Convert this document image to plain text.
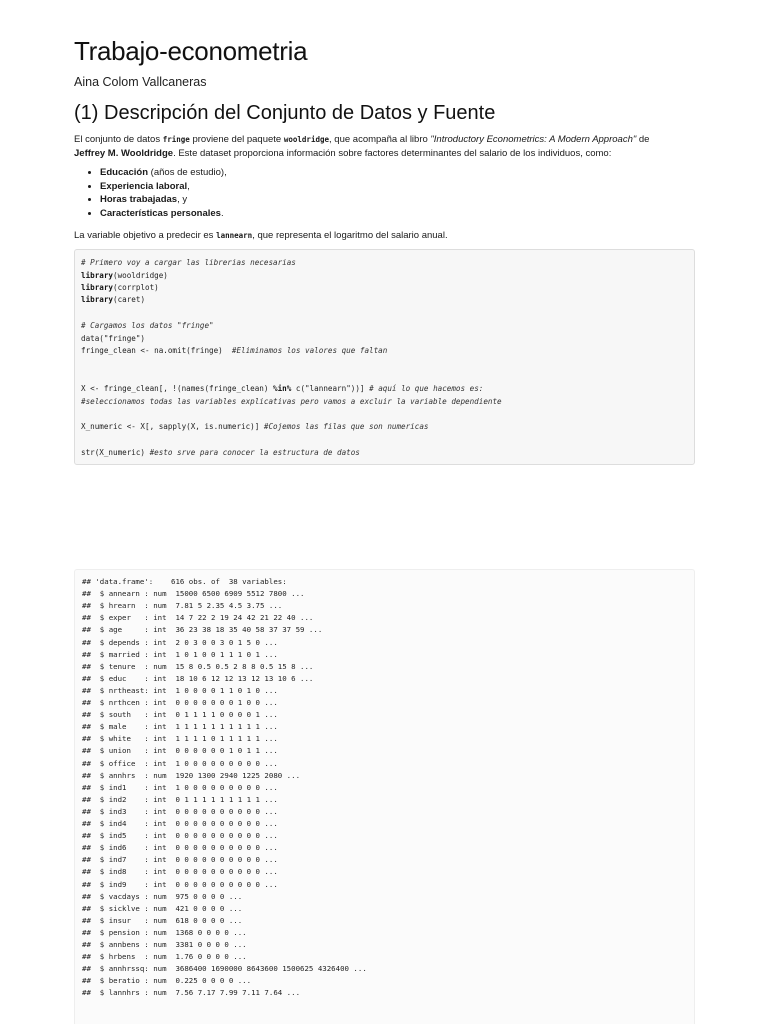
Trabajo-econometria

Aina Colom Vallcaneras

(1) Descripción del Conjunto de Datos y Fuente

El conjunto de datos fringe proviene del paquete wooldridge, que acompaña al libro "Introductory Econometrics: A Modern Approach" de
Jeffrey M. Wooldridge. Este dataset proporciona información sobre factores determinantes del salario de los individuos, como:

• Educación (años de estudio),
• Experiencia laboral,
• Horas trabajadas, y
• Características personales.

La variable objetivo a predecir es lannearn, que representa el logaritmo del salario anual.

# Primero voy a cargar las librerias necesarias
library(wooldridge)
library(corrplot)
library(caret)
# Cargamos los datos "fringe"
data("fringe")
fringe_clean <- na.omit(fringe)  #Eliminamos los valores que faltan
X <- fringe_clean[, !(names(fringe_clean) %in% c("lannearn"))] # aquí lo que hacemos es:
#seleccionamos todas las variables explicativas pero vamos a excluir la variable dependiente
X_numeric <- X[, sapply(X, is.numeric)] #Cojemos las filas que son numericas
str(X_numeric) #esto srve para conocer la estructura de datos
## 'data.frame':    616 obs. of  38 variables:
##  $ annearn : num  15000 6500 6909 5512 7800 ...
##  $ hrearn  : num  7.81 5 2.35 4.5 3.75 ...
##  $ exper   : int  14 7 22 2 19 24 42 21 22 40 ...
##  $ age     : int  36 23 38 18 35 40 58 37 37 59 ...
##  $ depends : int  2 0 3 0 0 3 0 1 5 0 ...
##  $ married : int  1 0 1 0 0 1 1 1 0 1 ...
##  $ tenure  : num  15 8 0.5 0.5 2 8 8 0.5 15 8 ...
##  $ educ    : int  18 10 6 12 12 13 12 13 10 6 ...
##  $ nrtheast: int  1 0 0 0 0 1 1 0 1 0 ...
##  $ nrthcen : int  0 0 0 0 0 0 0 1 0 0 ...
##  $ south   : int  0 1 1 1 1 0 0 0 0 1 ...
##  $ male    : int  1 1 1 1 1 1 1 1 1 1 ...
##  $ white   : int  1 1 1 1 0 1 1 1 1 1 ...
##  $ union   : int  0 0 0 0 0 0 1 0 1 1 ...
##  $ office  : int  1 0 0 0 0 0 0 0 0 0 ...
##  $ annhrs  : num  1920 1300 2940 1225 2080 ...
##  $ ind1    : int  1 0 0 0 0 0 0 0 0 0 ...
##  $ ind2    : int  0 1 1 1 1 1 1 1 1 1 ...
##  $ ind3    : int  0 0 0 0 0 0 0 0 0 0 ...
##  $ ind4    : int  0 0 0 0 0 0 0 0 0 0 ...
##  $ ind5    : int  0 0 0 0 0 0 0 0 0 0 ...
##  $ ind6    : int  0 0 0 0 0 0 0 0 0 0 ...
##  $ ind7    : int  0 0 0 0 0 0 0 0 0 0 ...
##  $ ind8    : int  0 0 0 0 0 0 0 0 0 0 ...
##  $ ind9    : int  0 0 0 0 0 0 0 0 0 0 ...
##  $ vacdays : num  975 0 0 0 0 ...
##  $ sicklve : num  421 0 0 0 0 ...
##  $ insur   : num  618 0 0 0 0 ...
##  $ pension : num  1368 0 0 0 0 ...
##  $ annbens : num  3381 0 0 0 0 ...
##  $ hrbens  : num  1.76 0 0 0 0 ...
##  $ annhrssq: num  3686400 1690000 8643600 1500625 4326400 ...
##  $ beratio : num  0.225 0 0 0 0 ...
##  $ lannhrs : num  7.56 7.17 7.99 7.11 7.64 ...
